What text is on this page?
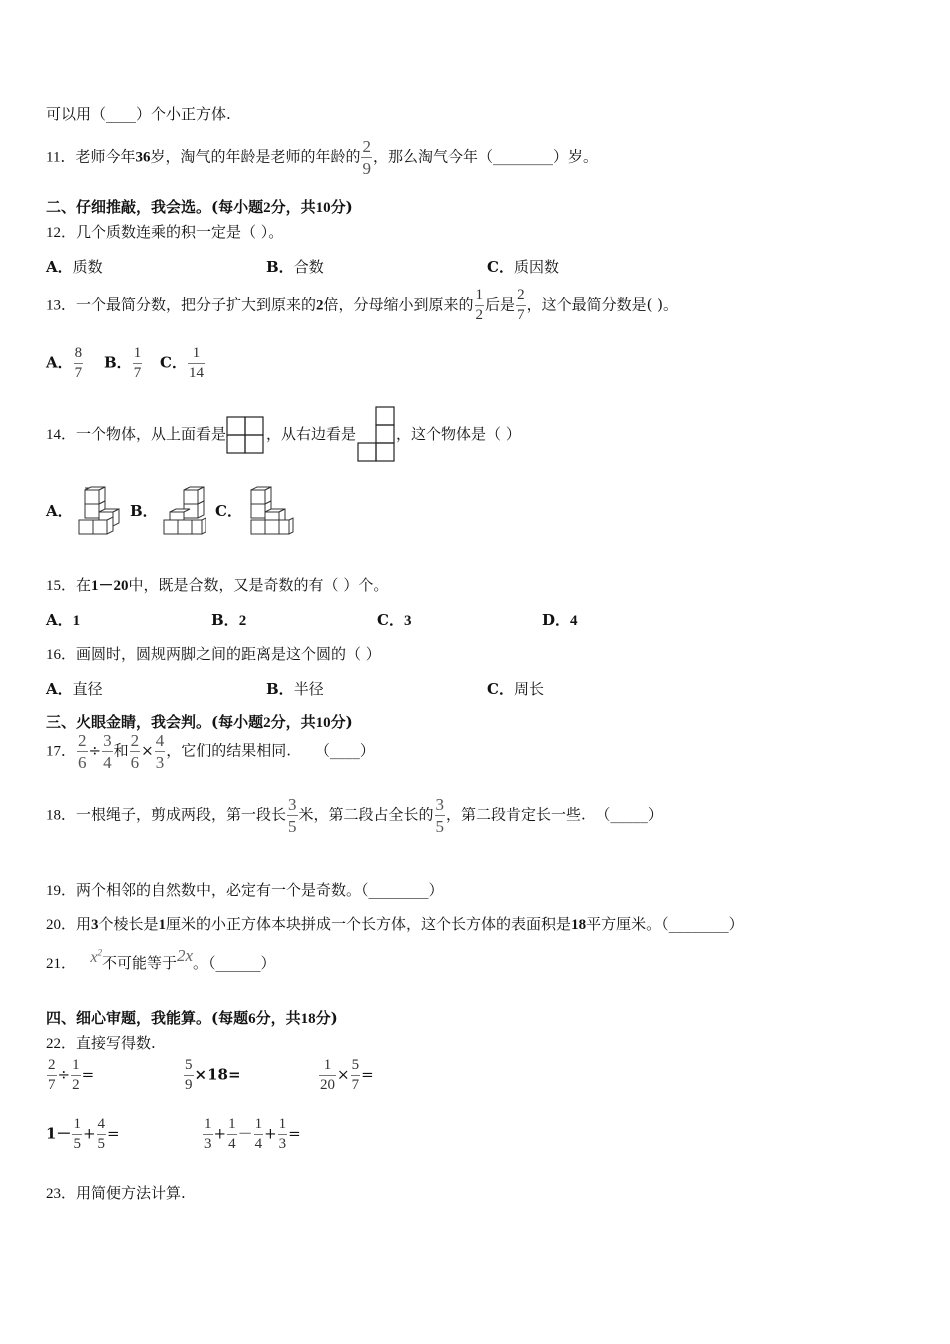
可以用（____）个小正方体.
11．老师今年36岁，淘气的年龄是老师的年龄的 $\frac{2}{9}$ ，那么淘气今年（________）岁。
二、仔细推敲，我会选。(每小题2分，共10分)
12．几个质数连乘的积一定是（ ）。
A．质数	B．合数	C．质因数
13．一个最简分数，把分子扩大到原来的2倍，分母缩小到原来的 $\frac{1}{2}$ 后是 $\frac{2}{7}$ ，这个最简分数是( )。
A． $\frac{8}{7}$ B． $\frac{1}{7}$ C． $\frac{1}{14}$
14．一个物体，从上面看是	，从右边看是	，这个物体是（ ）
A．	B．	C．
15．在1－20中，既是合数，又是奇数的有（ ）个。
A．1	B．2	C．3	D．4
16．画圆时，圆规两脚之间的距离是这个圆的（ ）
A．直径	B．半径	C．周长
三、火眼金睛，我会判。(每小题2分，共10分)
17． $\frac{2}{6} \div \frac{3}{4}$ 和 $\frac{2}{6} \times \frac{4}{3}$ ，它们的结果相同. （____）
18．一根绳子，剪成两段，第一段长 $\frac{3}{5}$ 米，第二段占全长的 $\frac{3}{5}$ ，第二段肯定长一些. （_____）
19．两个相邻的自然数中，必定有一个是奇数。（________）
20．用3个棱长是1厘米的小正方体本块拼成一个长方体，这个长方体的表面积是18平方厘米。（________）
21． $x^2$不可能等于2x。（______）
四、细心审题，我能算。(每题6分，共18分)
22．直接写得数.
$\frac{2}{7} \div \frac{1}{2}$ =	$\frac{5}{9} \times 18=$	$\frac{1}{20} \times \frac{5}{7}$ =
$1- \frac{1}{5} + \frac{4}{5}$ =	$\frac{1}{3} + \frac{1}{4} - \frac{1}{4} + \frac{1}{3}$ =
23．用简便方法计算.
